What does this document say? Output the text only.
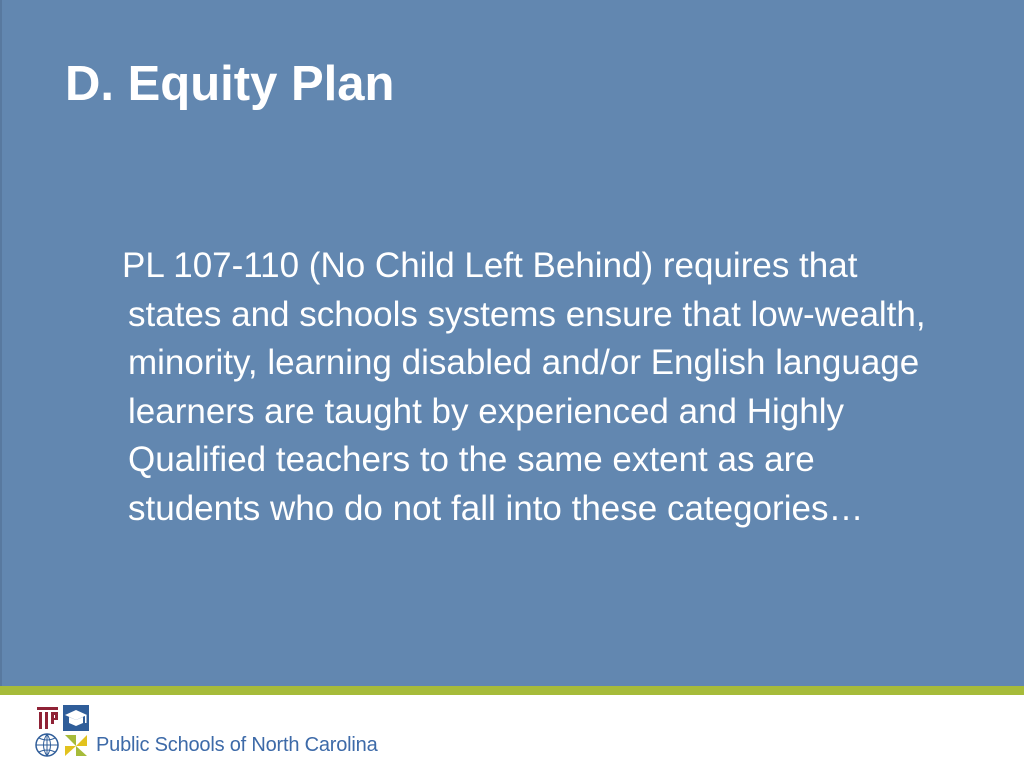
D. Equity Plan

PL 107-110 (No Child Left Behind) requires that states and schools systems ensure that low-wealth, minority, learning disabled and/or English language learners are taught by experienced and Highly Qualified teachers to the same extent as are students who do not fall into these categories…

Public Schools of North Carolina
